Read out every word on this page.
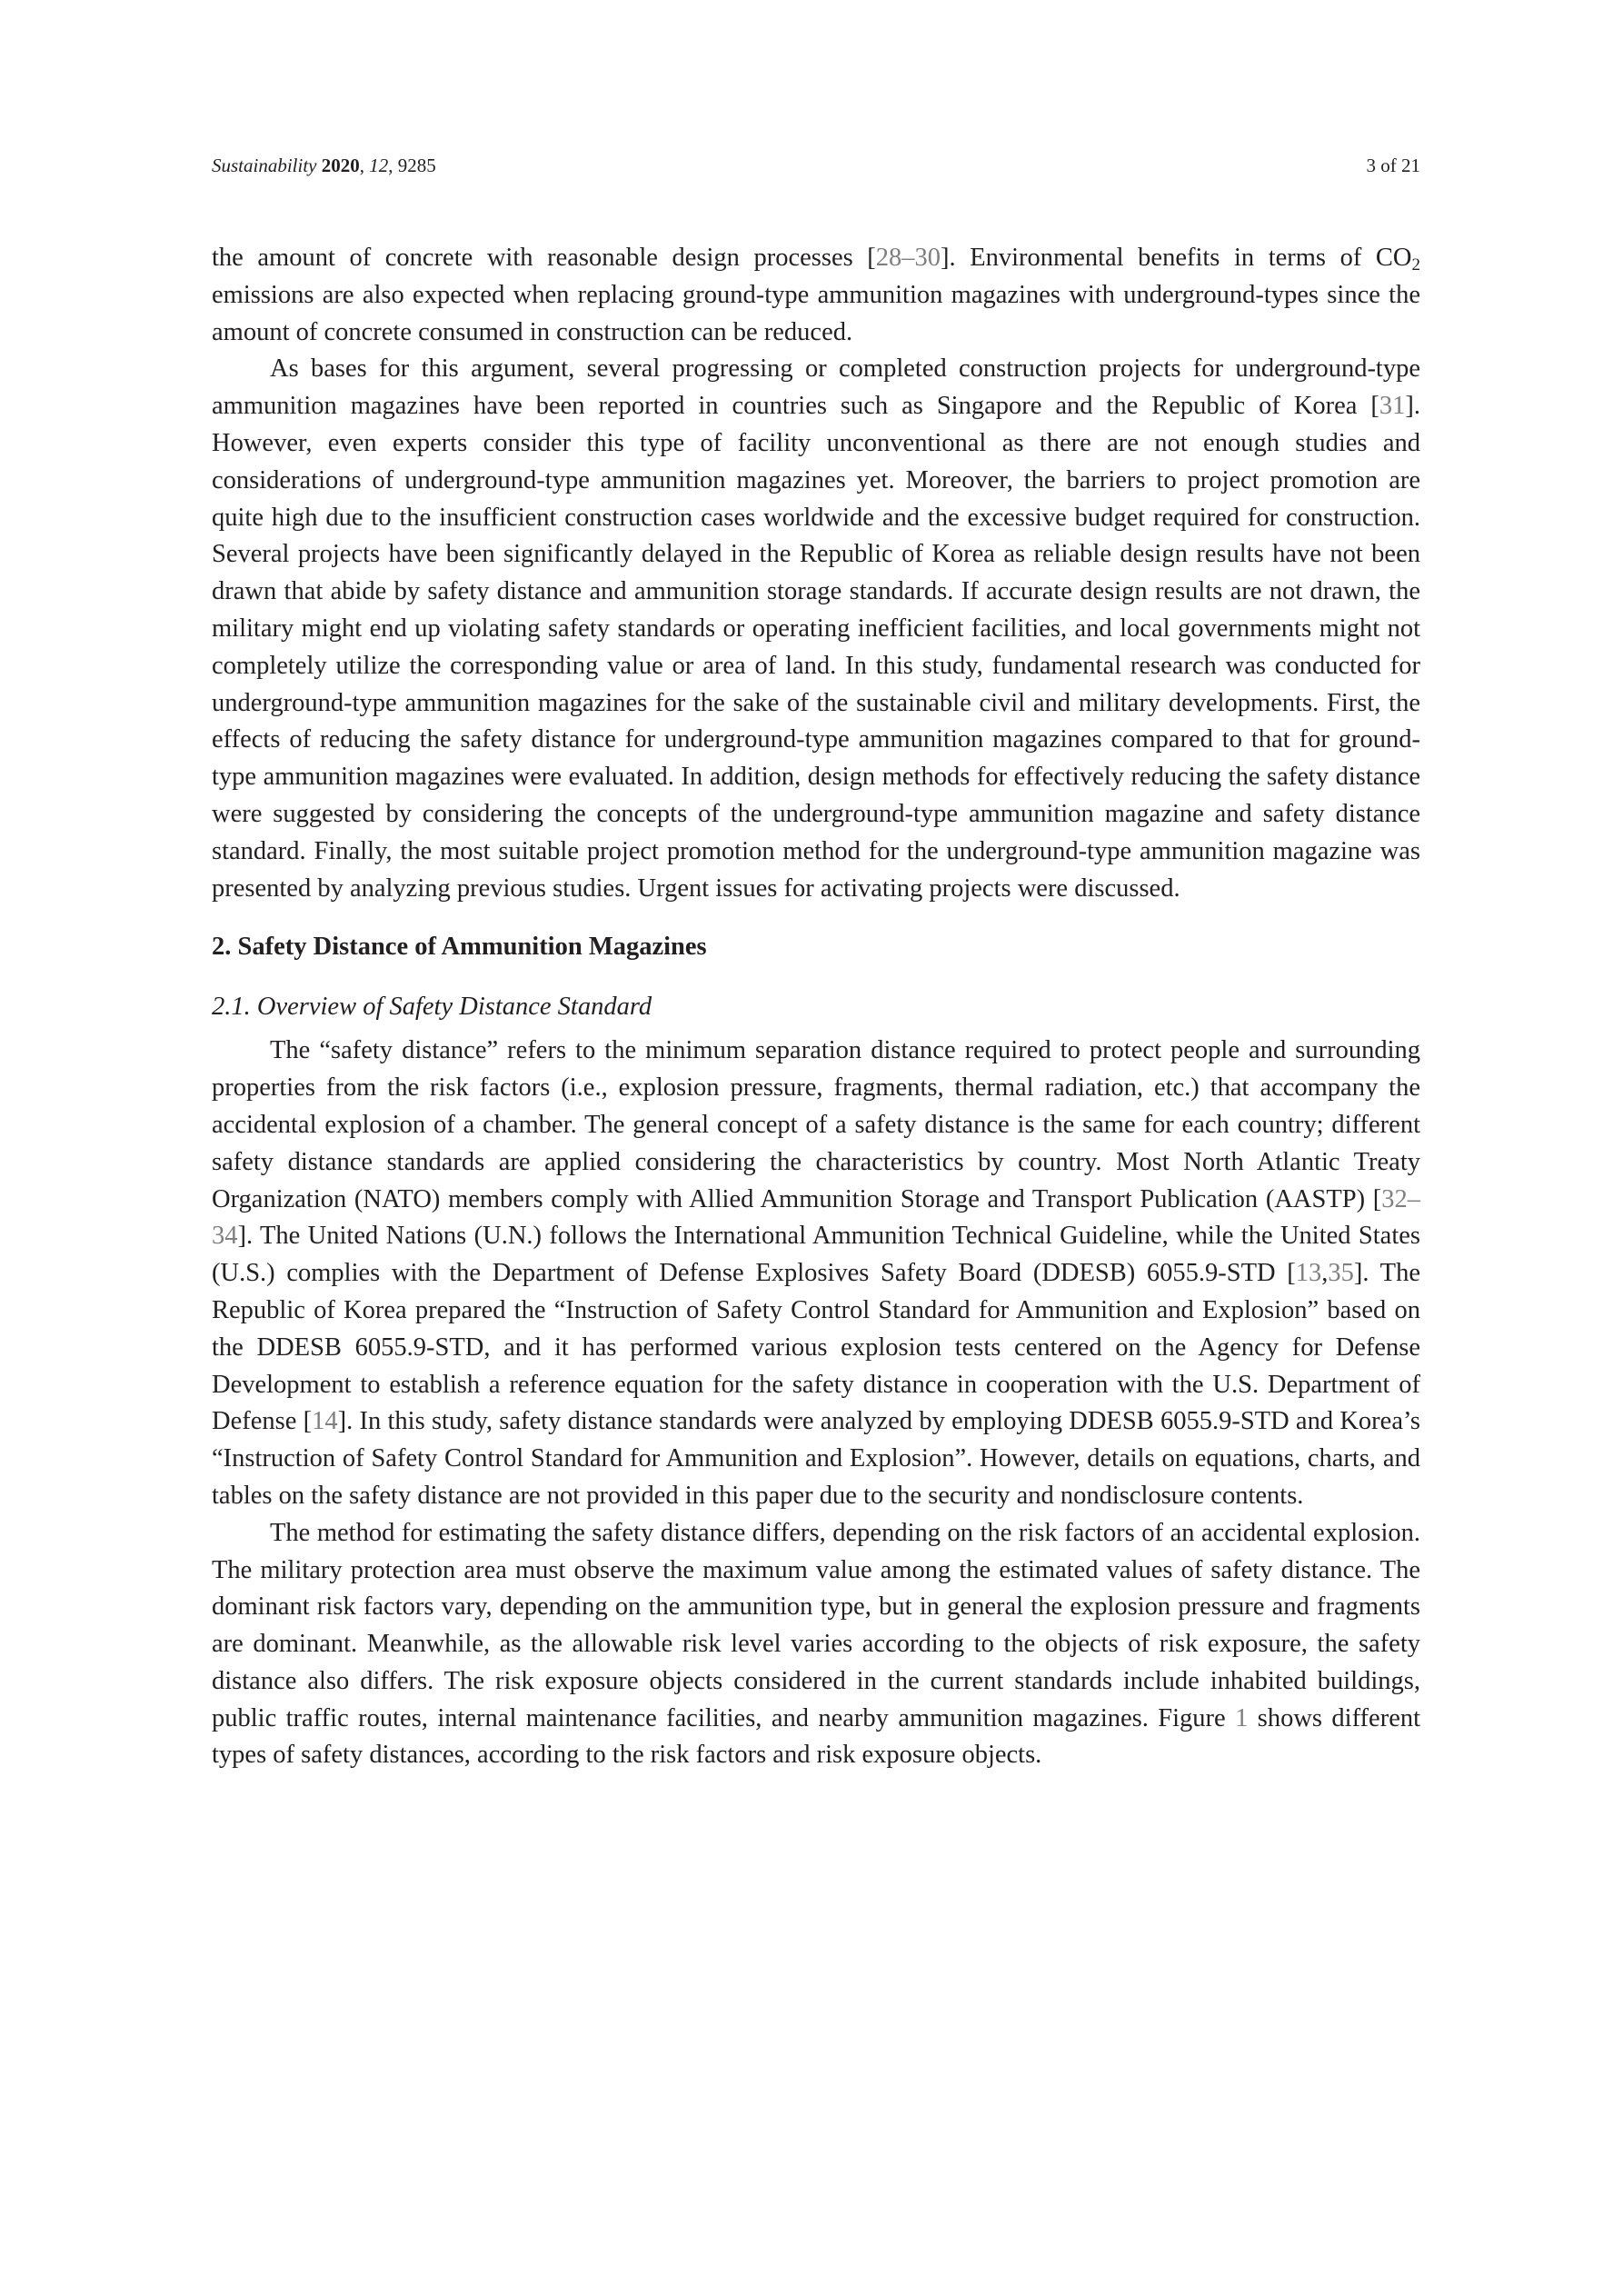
Sustainability 2020, 12, 9285	3 of 21

the amount of concrete with reasonable design processes [28–30]. Environmental benefits in terms of $CO_2$ emissions are also expected when replacing ground-type ammunition magazines with underground-types since the amount of concrete consumed in construction can be reduced.

As bases for this argument, several progressing or completed construction projects for underground-type ammunition magazines have been reported in countries such as Singapore and the Republic of Korea [31]. However, even experts consider this type of facility unconventional as there are not enough studies and considerations of underground-type ammunition magazines yet. Moreover, the barriers to project promotion are quite high due to the insufficient construction cases worldwide and the excessive budget required for construction. Several projects have been significantly delayed in the Republic of Korea as reliable design results have not been drawn that abide by safety distance and ammunition storage standards. If accurate design results are not drawn, the military might end up violating safety standards or operating inefficient facilities, and local governments might not completely utilize the corresponding value or area of land. In this study, fundamental research was conducted for underground-type ammunition magazines for the sake of the sustainable civil and military developments. First, the effects of reducing the safety distance for underground-type ammunition magazines compared to that for ground-type ammunition magazines were evaluated. In addition, design methods for effectively reducing the safety distance were suggested by considering the concepts of the underground-type ammunition magazine and safety distance standard. Finally, the most suitable project promotion method for the underground-type ammunition magazine was presented by analyzing previous studies. Urgent issues for activating projects were discussed.

2. Safety Distance of Ammunition Magazines
2.1. Overview of Safety Distance Standard

The “safety distance” refers to the minimum separation distance required to protect people and surrounding properties from the risk factors (i.e., explosion pressure, fragments, thermal radiation, etc.) that accompany the accidental explosion of a chamber. The general concept of a safety distance is the same for each country; different safety distance standards are applied considering the characteristics by country. Most North Atlantic Treaty Organization (NATO) members comply with Allied Ammunition Storage and Transport Publication (AASTP) [32–34]. The United Nations (U.N.) follows the International Ammunition Technical Guideline, while the United States (U.S.) complies with the Department of Defense Explosives Safety Board (DDESB) 6055.9-STD [13,35]. The Republic of Korea prepared the “Instruction of Safety Control Standard for Ammunition and Explosion” based on the DDESB 6055.9-STD, and it has performed various explosion tests centered on the Agency for Defense Development to establish a reference equation for the safety distance in cooperation with the U.S. Department of Defense [14]. In this study, safety distance standards were analyzed by employing DDESB 6055.9-STD and Korea’s “Instruction of Safety Control Standard for Ammunition and Explosion”. However, details on equations, charts, and tables on the safety distance are not provided in this paper due to the security and nondisclosure contents.

The method for estimating the safety distance differs, depending on the risk factors of an accidental explosion. The military protection area must observe the maximum value among the estimated values of safety distance. The dominant risk factors vary, depending on the ammunition type, but in general the explosion pressure and fragments are dominant. Meanwhile, as the allowable risk level varies according to the objects of risk exposure, the safety distance also differs. The risk exposure objects considered in the current standards include inhabited buildings, public traffic routes, internal maintenance facilities, and nearby ammunition magazines. Figure 1 shows different types of safety distances, according to the risk factors and risk exposure objects.
